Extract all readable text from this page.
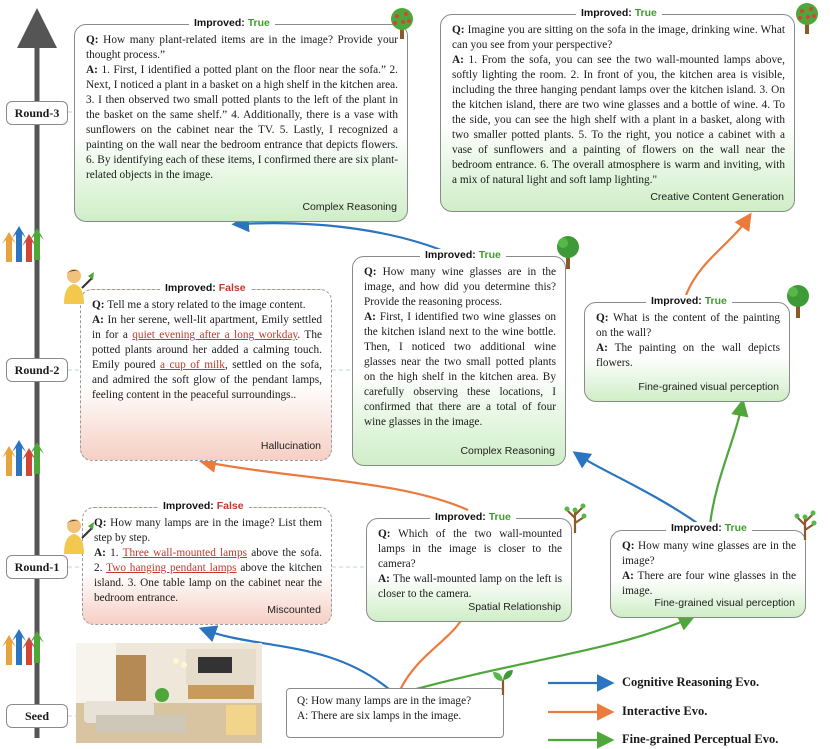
Round-3
Round-2
Round-1
Seed
Q: How many plant-related items are in the image? Provide your thought process.”
A: 1. First, I identified a potted plant on the floor near the sofa.” 2. Next, I noticed a plant in a basket on a high shelf in the kitchen area. 3. I then observed two small potted plants to the left of the plant in the basket on the same shelf.” 4. Additionally, there is a vase with sunflowers on the cabinet near the TV. 5. Lastly, I recognized a painting on the wall near the bedroom entrance that depicts flowers. 6. By identifying each of these items, I confirmed there are six plant-related objects in the image.
Complex Reasoning
Improved: True
Q: Imagine you are sitting on the sofa in the image, drinking wine. What can you see from your perspective?
A: 1. From the sofa, you can see the two wall-mounted lamps above, softly lighting the room. 2. In front of you, the kitchen area is visible, including the three hanging pendant lamps over the kitchen island. 3. On the kitchen island, there are two wine glasses and a bottle of wine. 4. To the side, you can see the high shelf with a plant in a basket, along with two smaller potted plants. 5. To the right, you notice a cabinet with a vase of sunflowers and a painting of flowers on the wall near the bedroom entrance. 6. The overall atmosphere is warm and inviting, with a mix of natural light and soft lamp lighting."
Creative Content Generation
Improved: True
Q: Tell me a story related to the image content.
A: In her serene, well-lit apartment, Emily settled in for a quiet evening after a long workday. The potted plants around her added a calming touch. Emily poured a cup of milk, settled on the sofa, and admired the soft glow of the pendant lamps, feeling content in the peaceful surroundings..
Hallucination
Improved: False
Q: How many wine glasses are in the image, and how did you determine this? Provide the reasoning process.
A: First, I identified two wine glasses on the kitchen island next to the wine bottle. Then, I noticed two additional wine glasses near the two small potted plants on the high shelf in the kitchen area. By carefully observing these locations, I confirmed that there are a total of four wine glasses in the image.
Complex Reasoning
Improved: True
Q: What is the content of the painting on the wall?
A: The painting on the wall depicts flowers.
Fine-grained visual perception
Improved: True
Q: How many lamps are in the image? List them step by step.
A: 1. Three wall-mounted lamps above the sofa. 2. Two hanging pendant lamps above the kitchen island. 3. One table lamp on the cabinet near the bedroom entrance.
Miscounted
Improved: False
Q: Which of the two wall-mounted lamps in the image is closer to the camera?
A: The wall-mounted lamp on the left is closer to the camera.
Spatial Relationship
Improved: True
Q: How many wine glasses are in the image?
A: There are four wine glasses in the image.
Fine-grained visual perception
Improved: True
Q: How many lamps are in the image?
A: There are six lamps in the image.
Cognitive Reasoning Evo.
Interactive Evo.
Fine-grained Perceptual Evo.
